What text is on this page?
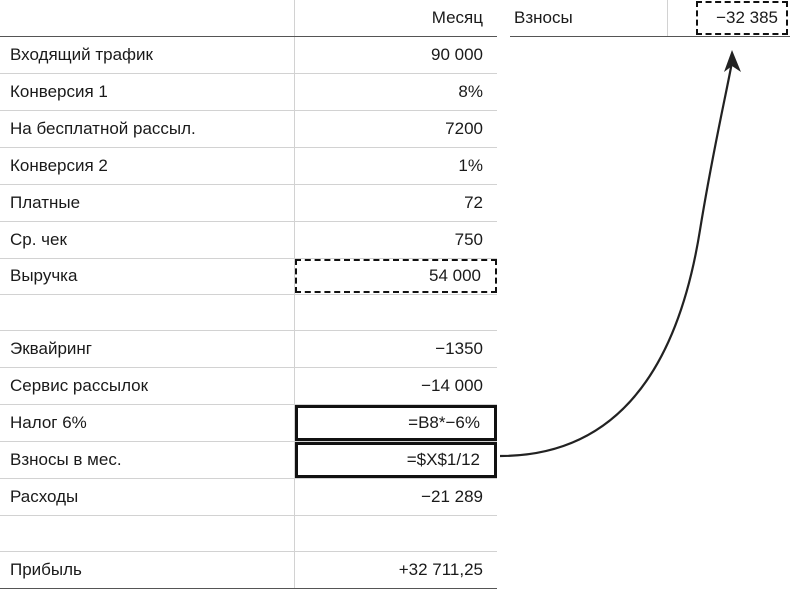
	Месяц
Входящий трафик	90 000

Конверсия 1	8%

На бесплатной рассыл.	7200

Конверсия 2	1%

Платные	72

Ср. чек	750

Выручка	54 000

Эквайринг	−1350

Сервис рассылок	−14 000

Налог 6%	=B8*−6%

Взносы в мес.	=$X$1/12

Расходы	−21 289

Прибыль	+32 711,25
Взносы	−32 385
